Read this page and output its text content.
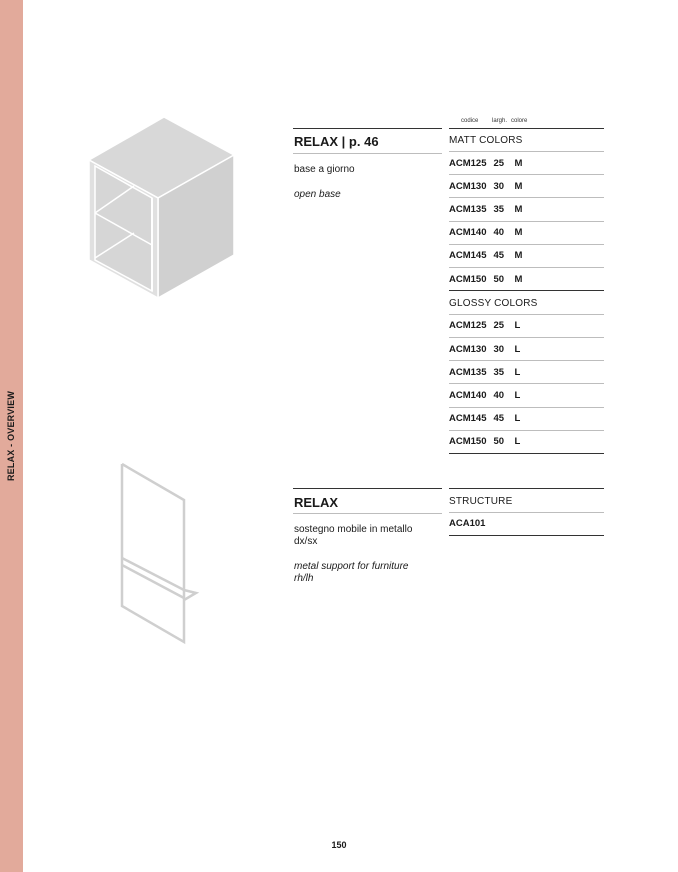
RELAX - OVERVIEW
codice largh. colore
RELAX | p. 46
base a giorno
open base
MATT COLORS
ACM125 25	M
ACM130 30	M
ACM135 35	M
ACM140 40	M
ACM145 45	M
ACM150 50	M
GLOSSY COLORS
ACM125 25	L
ACM130 30	L
ACM135 35	L
ACM140 40	L
ACM145 45	L
ACM150 50	L
RELAX
sostegno mobile in metallo
dx/sx
metal support for furniture
rh/lh
STRUCTURE
ACA101
150
